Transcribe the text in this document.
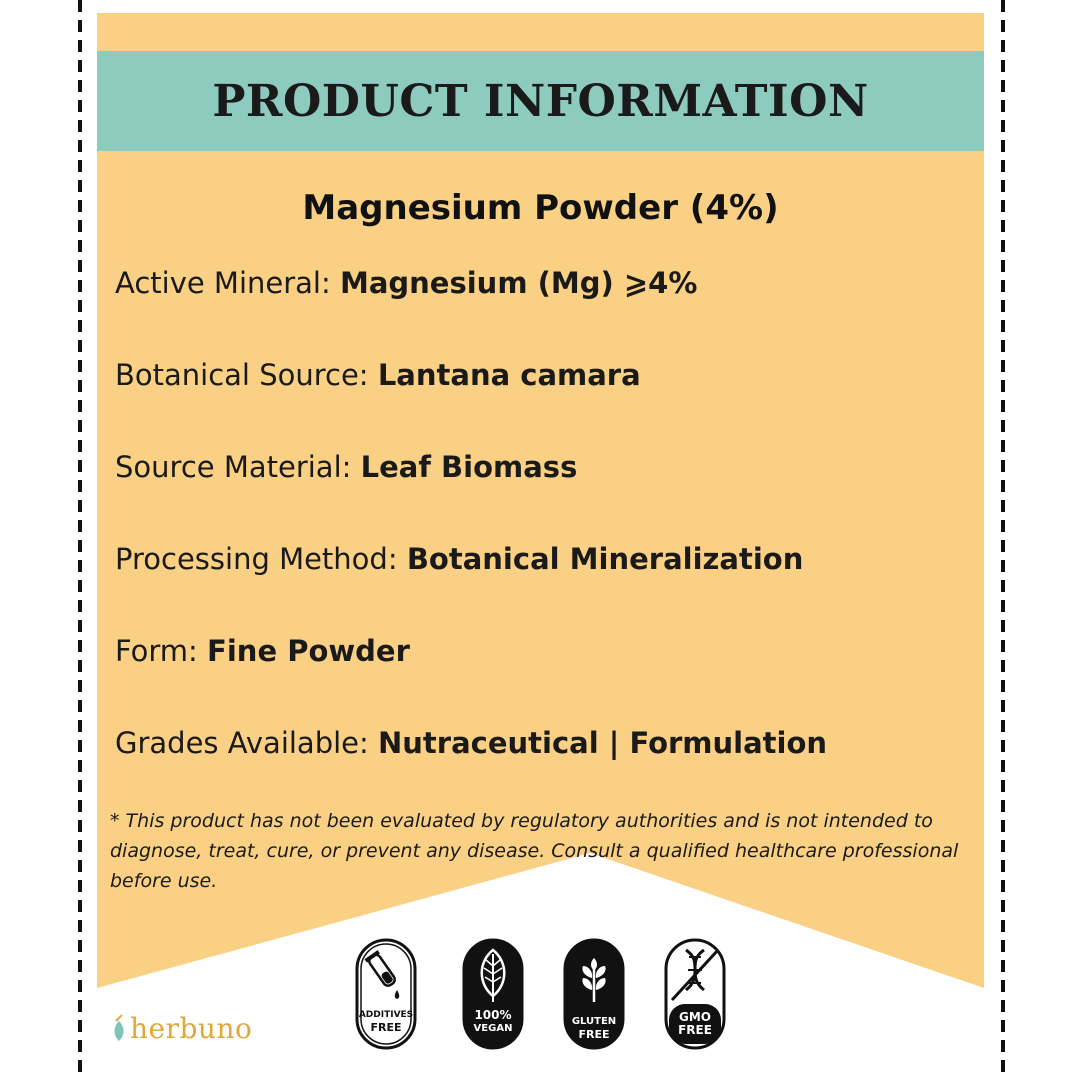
PRODUCT INFORMATION
Magnesium Powder (4%)
Active Mineral: Magnesium (Mg) ⩾4%
Botanical Source: Lantana camara
Source Material: Leaf Biomass
Processing Method: Botanical Mineralization
Form: Fine Powder
Grades Available: Nutraceutical | Formulation
* This product has not been evaluated by regulatory authorities and is not intended to diagnose, treat, cure, or prevent any disease. Consult a qualified healthcare professional before use.
herbuno	ADDITIVES
FREE
100%
VEGAN
GLUTEN
FREE
GMO
FREE
